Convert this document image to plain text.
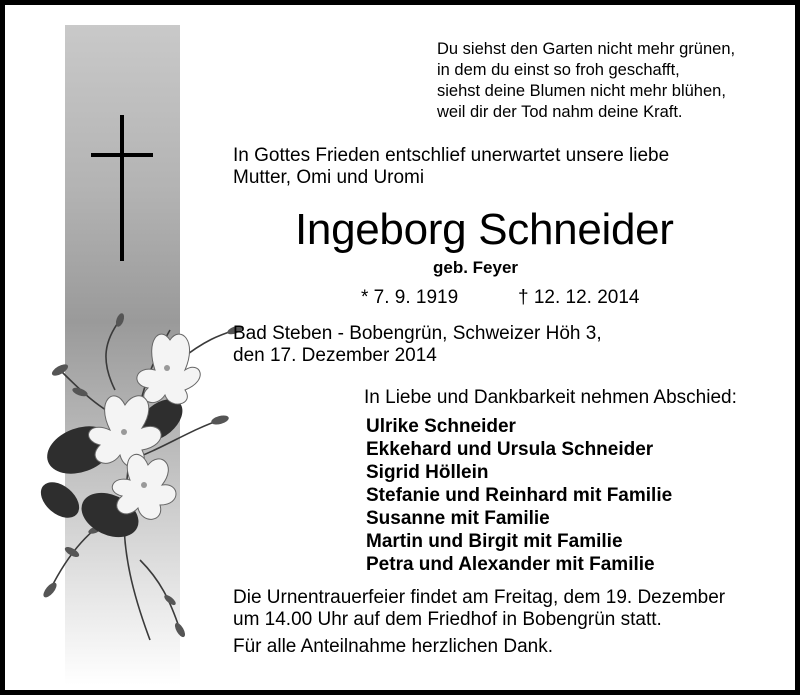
Du siehst den Garten nicht mehr grünen,
in dem du einst so froh geschafft,
siehst deine Blumen nicht mehr blühen,
weil dir der Tod nahm deine Kraft.
In Gottes Frieden entschlief unerwartet unsere liebe
Mutter, Omi und Uromi
Ingeborg Schneider
geb. Feyer
* 7. 9. 1919	† 12. 12. 2014
Bad Steben - Bobengrün, Schweizer Höh 3,
den 17. Dezember 2014
In Liebe und Dankbarkeit nehmen Abschied:
Ulrike Schneider
Ekkehard und Ursula Schneider
Sigrid Höllein
Stefanie und Reinhard mit Familie
Susanne mit Familie
Martin und Birgit mit Familie
Petra und Alexander mit Familie
Die Urnentrauerfeier findet am Freitag, dem 19. Dezember
um 14.00 Uhr auf dem Friedhof in Bobengrün statt.
Für alle Anteilnahme herzlichen Dank.
